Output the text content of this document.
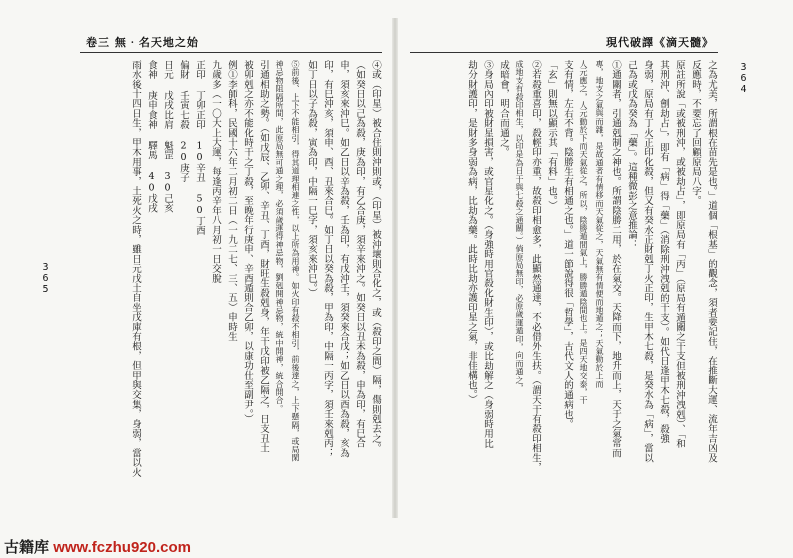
卷三 無‧名天地之始	現代破譯《滴天髓》
365
364
之為尤美，所謂根在苗先是也。」道個「根基」的觀念，須者要記住，在推斷大運、流年吉凶及
反應時，不要忘了回顧原局八字。
原註所說「或被刑沖，或被劫占」，即原局有「丙」（原局有遁關之干支但被刑沖洩剋）、「和
其刑沖、劊劫占」，即有「病」得「藥」（消除刑沖洩剋的干支）。如代日逢甲木七殺，殺強
身弱，原局有丁火正印化殺，但又有癸水正財剋丁火正印，生甲木七殺，是癸水為「病」，當以
己為或戊為癸為「藥」。這種微彭之意推論：
①通關者，引通剋制之神也。所謂陰勝二用，於在氣交。天降而下，地升而上，天于之氣常而
專，地支之氣與而雜，是故通者有情移而天氣從之，天氣無有情便而地遁之；天氣動於上而
人元應之，人元動於下而天氣從之，所以，陰勝遁間氣上，勝勝遁陰間也上。是四天地交泰，干
支有情，左右不背。陰勝生有相通之也。」道一節說得很「哲學」，古代文人的通病也。
「玄」則無以顯示其「有料」也。）
②若殺重喜印，殺輕印亦重，故殺印相愈多，此顯然通達，不必借外生扶。（謂天干有殺印相生，
成地支有殺印相生，以印是為日干與七殺之通關。）倘原局無印，必原歲運遁印，向而通之，
成暗會，明合而通之。
③身局內印被財星損害，或官星化之。（身強時用官殺化財生印），或比劫解之（身弱時用比
劫分財護印，是財多身弱為病，比劫為藥。此時比劫亦護印星之氣，非佳構也。）
④或（印星）被合住則沖則或，（印星）被沖壞則合化之，或（殺印之間）隔，傷則剋去之。
（如癸日以己為殺，庚為印，有乙合庚，須辛來沖之。如癸日以丑未為殺，申為印，有巳合
申，須亥來沖巳。如乙日以辛為殺，壬為印，有戊沖壬，須癸來合戊；如乙日以酉為殺，亥為
印，有巳沖亥，須申、酉、丑來合巳。如丁日以癸為殺，甲為印，中隔一丙字，須壬來剋丙；
如丁日以子為殺，寅為印，中隔一巳字，須亥來沖巳。）
⑤前後、上下不能相引，得其道理相連之性，以上所為用神。如火印有殺不相引，前後達之，上下懸隔，或局閑
神忌物阻隔所間，此原局無可通之理，必須歲運得神忌物，劉剋開神忌物，統中開神，統合開合。
引通相助之勢。（如戊辰、乙卯、辛丑、丁酉，財旺生殺剋身，年干戊印被乙隔之，日支丑土
被卯剋之亦不能化時干之丁殺，至晚年行庚申、辛酉遁則合乙卯，以康功仕至副尹。）
例①李師科，民國十六年二月初二日（一九二七、三、五）申時生
九歲多（一〇大上大運，每逢丙辛年八月初一日交脫
正印 丁卯正印 10辛丑 50丁酉
偏財 壬寅七殺 20庚子
日元 戊戌比肩 魁罡 30己亥
食神 庚申食神 驛馬 40戊戌
雨水後十四日生，甲木用事，土死火之時，雖日元戊土自坐戊庫有根，但甲與交集，身弱，當以火
古籍库 www.fczhu920.com
